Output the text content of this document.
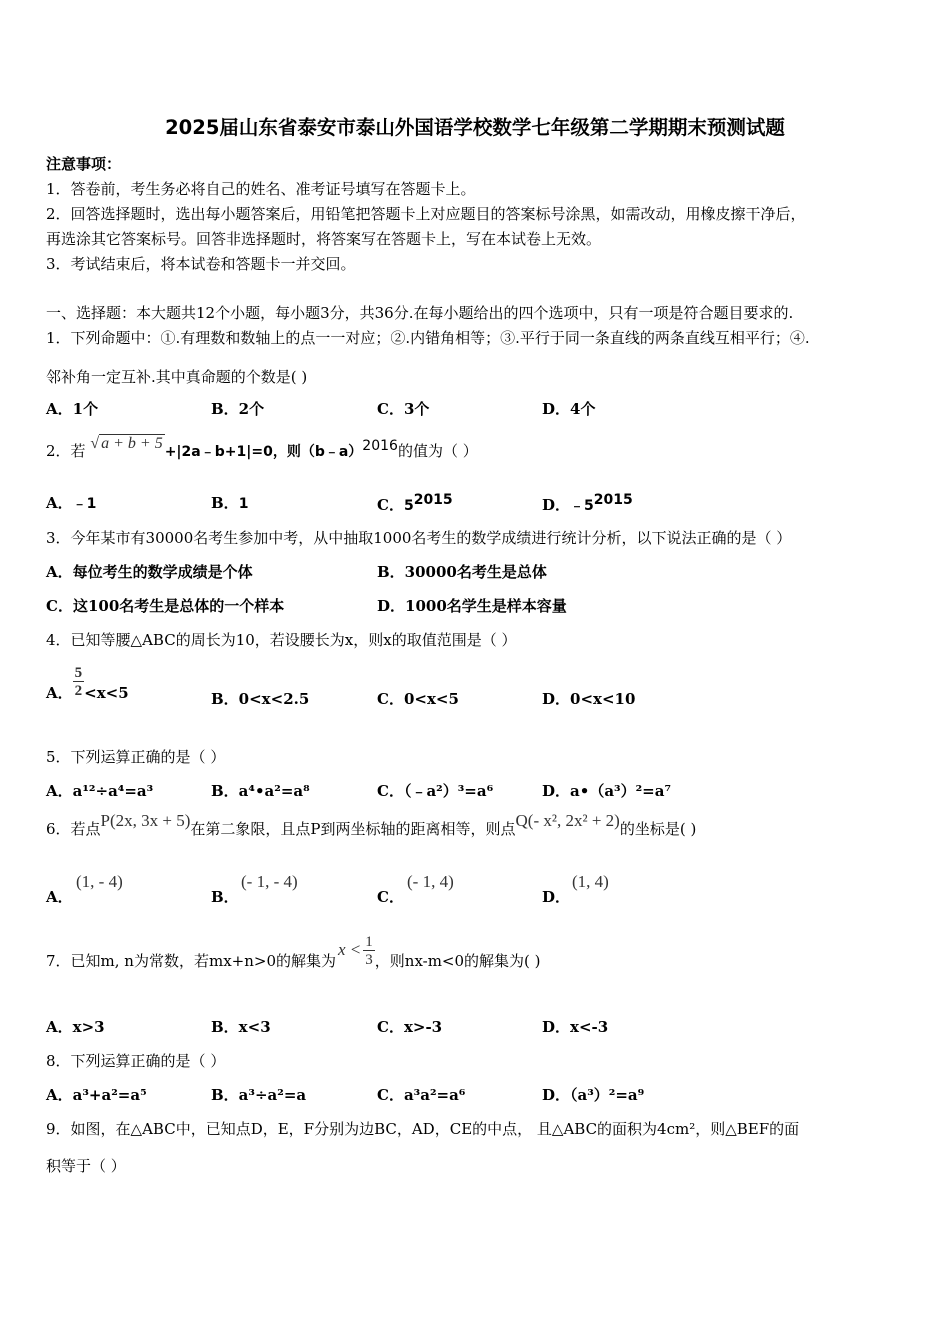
2025届山东省泰安市泰山外国语学校数学七年级第二学期期末预测试题
注意事项：
1．答卷前，考生务必将自己的姓名、准考证号填写在答题卡上。
2．回答选择题时，选出每小题答案后，用铅笔把答题卡上对应题目的答案标号涂黑，如需改动，用橡皮擦干净后，
再选涂其它答案标号。回答非选择题时，将答案写在答题卡上，写在本试卷上无效。
3．考试结束后，将本试卷和答题卡一并交回。
一、选择题：本大题共12个小题，每小题3分，共36分.在每小题给出的四个选项中，只有一项是符合题目要求的.
1．下列命题中：①.有理数和数轴上的点一一对应；②.内错角相等；③.平行于同一条直线的两条直线互相平行；④.
邻补角一定互补.其中真命题的个数是( )
A．1个	B．2个	C．3个	D．4个
2．若 √ a + b + 5 +|2a﹣b+1|=0，则（b﹣a）2016的值为（ ）
A．﹣1	B．1	C．52015	D．﹣52015
3．今年某市有30000名考生参加中考，从中抽取1000名考生的数学成绩进行统计分析，以下说法正确的是（ ）
A．每位考生的数学成绩是个体	B．30000名考生是总体
C．这100名考生是总体的一个样本	D．1000名学生是样本容量
4．已知等腰△ABC的周长为10，若设腰长为x，则x的取值范围是（ ）
A． $\frac{5}{2} <x<5$	B．0<x<2.5	C．0<x<5	D．0<x<10
5．下列运算正确的是（ ）
A．a¹²÷a⁴=a³	B．a⁴•a²=a⁸	C．（﹣a²）³=a⁶	D．a•（a³）²=a⁷
6．若点P(2x, 3x + 5)在第二象限，且点P到两坐标轴的距离相等，则点Q(- x², 2x² + 2)的坐标是( )
A．
(1, - 4)
B．
(- 1, - 4)
C．
(- 1, 4)
D．
(1, 4)
7．已知m, n为常数，若mx+n>0的解集为$x < \frac{1}{3}$ ，则nx-m<0的解集为( )
A．x>3	B．x<3	C．x>-3	D．x<-3
8．下列运算正确的是（ ）
A．a³+a²=a⁵	B．a³÷a²=a	C．a³a²=a⁶	D．（a³）²=a⁹
9．如图，在△ABC中，已知点D，E，F分别为边BC，AD，CE的中点， 且△ABC的面积为4cm²，则△BEF的面
积等于（ ）
